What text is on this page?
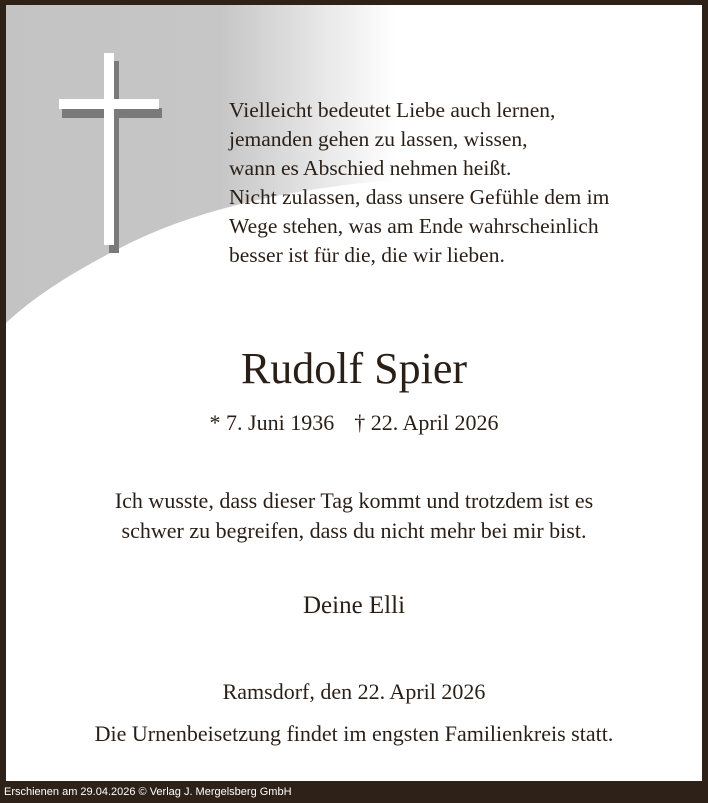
Vielleicht bedeutet Liebe auch lernen,
jemanden gehen zu lassen, wissen,
wann es Abschied nehmen heißt.
Nicht zulassen, dass unsere Gefühle dem im
Wege stehen, was am Ende wahrscheinlich
besser ist für die, die wir lieben.
Rudolf Spier
* 7. Juni 1936 † 22. April 2026
Ich wusste, dass dieser Tag kommt und trotzdem ist es
schwer zu begreifen, dass du nicht mehr bei mir bist.
Deine Elli
Ramsdorf, den 22. April 2026
Die Urnenbeisetzung findet im engsten Familienkreis statt.
Erschienen am 29.04.2026 © Verlag J. Mergelsberg GmbH
